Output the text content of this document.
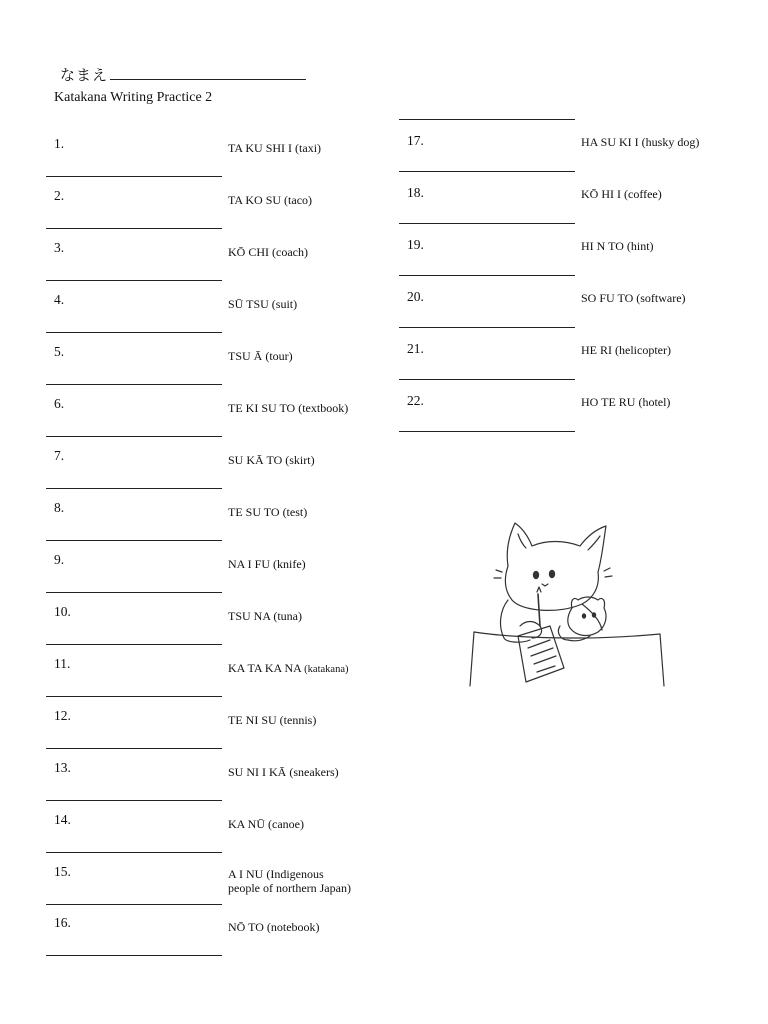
なまえ
Katakana Writing Practice 2
1.	TA KU SHI I (taxi)
2.	TA KO SU (taco)
3.	KŌ CHI (coach)
4.	SŪ TSU (suit)
5.	TSU Ā (tour)
6.	TE KI SU TO (textbook)
7.	SU KĀ TO (skirt)
8.	TE SU TO (test)
9.	NA I FU (knife)
10.	TSU NA (tuna)
11.	KA TA KA NA (katakana)
12.	TE NI SU (tennis)
13.	SU NI I KĀ (sneakers)
14.	KA NŪ (canoe)
15.	A I NU (Indigenous
people of northern Japan)
16.	NŌ TO (notebook)
17.	HA SU KI I (husky dog)
18.	KŌ HI I (coffee)
19.	HI N TO (hint)
20.	SO FU TO (software)
21.	HE RI (helicopter)
22.	HO TE RU (hotel)
